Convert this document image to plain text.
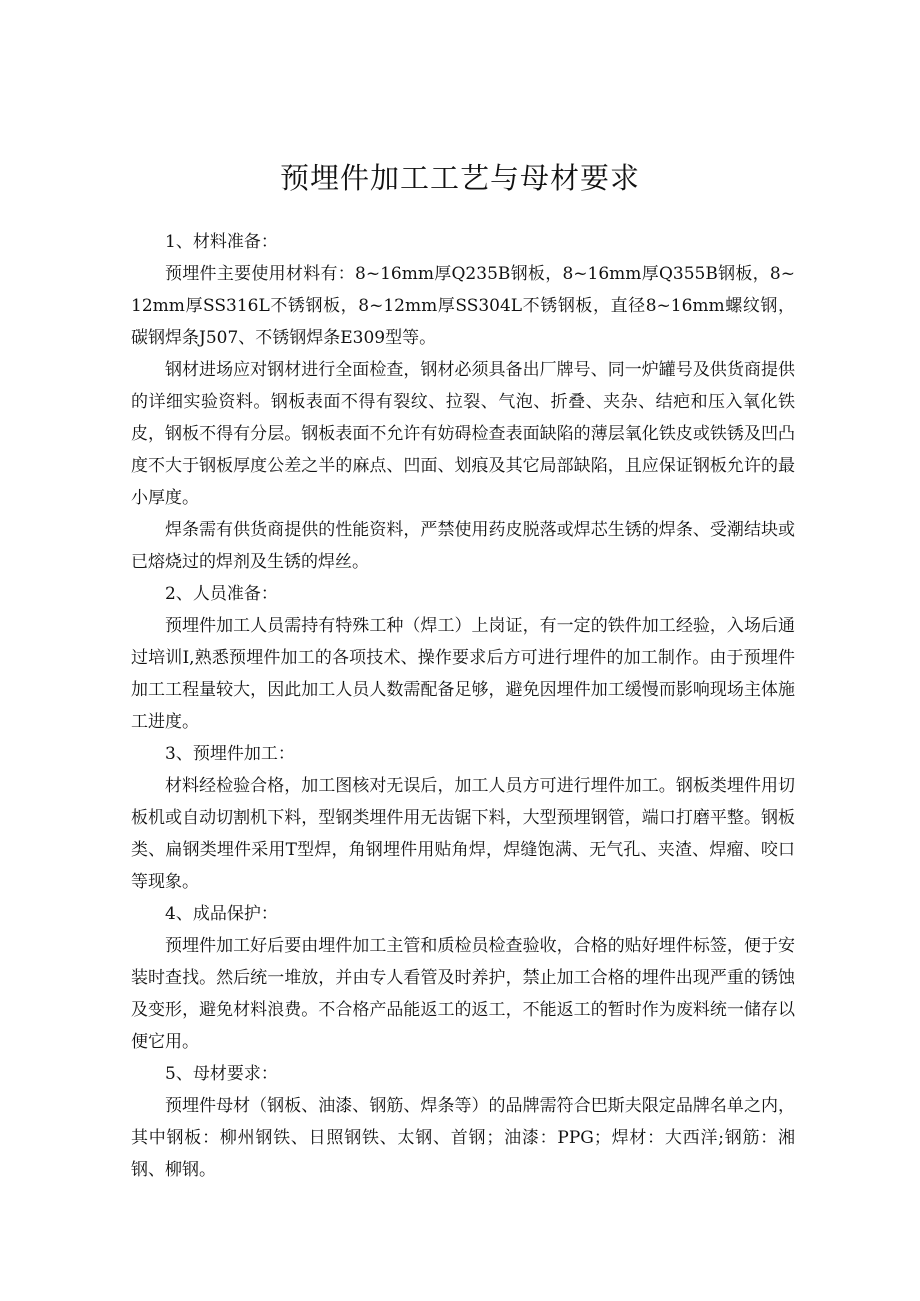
预埋件加工工艺与母材要求

1、材料准备：

预埋件主要使用材料有：8~16mm厚Q235B钢板，8~16mm厚Q355B钢板，8~12mm厚SS316L不锈钢板，8~12mm厚SS304L不锈钢板，直径8~16mm螺纹钢，碳钢焊条J507、不锈钢焊条E309型等。

钢材进场应对钢材进行全面检查，钢材必须具备出厂牌号、同一炉罐号及供货商提供的详细实验资料。钢板表面不得有裂纹、拉裂、气泡、折叠、夹杂、结疤和压入氧化铁皮，钢板不得有分层。钢板表面不允许有妨碍检查表面缺陷的薄层氧化铁皮或铁锈及凹凸度不大于钢板厚度公差之半的麻点、凹面、划痕及其它局部缺陷，且应保证钢板允许的最小厚度。

焊条需有供货商提供的性能资料，严禁使用药皮脱落或焊芯生锈的焊条、受潮结块或已熔烧过的焊剂及生锈的焊丝。

2、人员准备：

预埋件加工人员需持有特殊工种（焊工）上岗证，有一定的铁件加工经验，入场后通过培训I,熟悉预埋件加工的各项技术、操作要求后方可进行埋件的加工制作。由于预埋件加工工程量较大，因此加工人员人数需配备足够，避免因埋件加工缓慢而影响现场主体施工进度。

3、预埋件加工：

材料经检验合格，加工图核对无误后，加工人员方可进行埋件加工。钢板类埋件用切板机或自动切割机下料，型钢类埋件用无齿锯下料，大型预埋钢管，端口打磨平整。钢板类、扁钢类埋件采用T型焊，角钢埋件用贴角焊，焊缝饱满、无气孔、夹渣、焊瘤、咬口等现象。

4、成品保护：

预埋件加工好后要由埋件加工主管和质检员检查验收，合格的贴好埋件标签，便于安装时查找。然后统一堆放，并由专人看管及时养护，禁止加工合格的埋件出现严重的锈蚀及变形，避免材料浪费。不合格产品能返工的返工，不能返工的暂时作为废料统一储存以便它用。

5、母材要求：

预埋件母材（钢板、油漆、钢筋、焊条等）的品牌需符合巴斯夫限定品牌名单之内，其中钢板：柳州钢铁、日照钢铁、太钢、首钢；油漆：PPG；焊材：大西洋;钢筋：湘钢、柳钢。
